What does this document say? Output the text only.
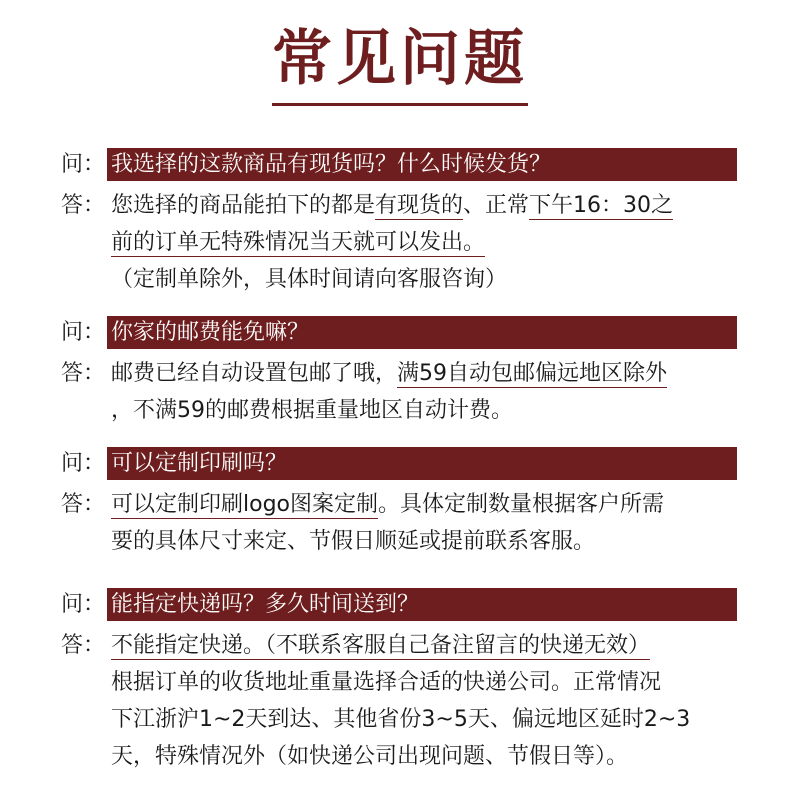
常见问题
问： 我选择的这款商品有现货吗？什么时候发货？
答： 您选择的商品能拍下的都是有现货的、正常下午16：30之
前的订单无特殊情况当天就可以发出。
（定制单除外，具体时间请向客服咨询）
问： 你家的邮费能免嘛？
答： 邮费已经自动设置包邮了哦，满59自动包邮偏远地区除外
，不满59的邮费根据重量地区自动计费。
问： 可以定制印刷吗？
答： 可以定制印刷logo图案定制。具体定制数量根据客户所需
要的具体尺寸来定、节假日顺延或提前联系客服。
问： 能指定快递吗？多久时间送到？
答： 不能指定快递。（不联系客服自己备注留言的快递无效）
根据订单的收货地址重量选择合适的快递公司。正常情况
下江浙沪1~2天到达、其他省份3~5天、偏远地区延时2~3
天，特殊情况外（如快递公司出现问题、节假日等）。
